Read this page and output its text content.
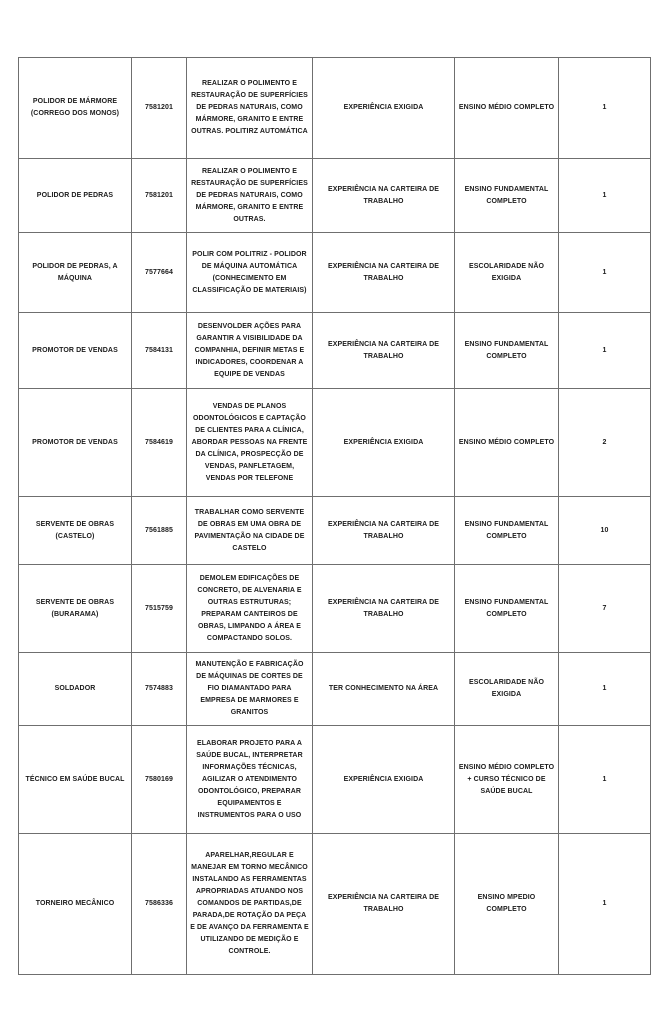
POLIDOR DE MÁRMORE (CORREGO DOS MONOS)	7581201	REALIZAR O POLIMENTO E RESTAURAÇÃO DE SUPERFÍCIES DE PEDRAS NATURAIS, COMO MÁRMORE, GRANITO E ENTRE OUTRAS. POLITIRZ AUTOMÁTICA	EXPERIÊNCIA EXIGIDA	ENSINO MÉDIO COMPLETO	1
POLIDOR DE PEDRAS	7581201	REALIZAR O POLIMENTO E RESTAURAÇÃO DE SUPERFÍCIES DE PEDRAS NATURAIS, COMO MÁRMORE, GRANITO E ENTRE OUTRAS.	EXPERIÊNCIA NA CARTEIRA DE TRABALHO	ENSINO FUNDAMENTAL COMPLETO	1
POLIDOR DE PEDRAS, A MÁQUINA	7577664	POLIR COM POLITRIZ - POLIDOR DE MÁQUINA AUTOMÁTICA (CONHECIMENTO EM CLASSIFICAÇÃO DE MATERIAIS)	EXPERIÊNCIA NA CARTEIRA DE TRABALHO	ESCOLARIDADE NÃO EXIGIDA	1
PROMOTOR DE VENDAS	7584131	DESENVOLDER AÇÕES PARA GARANTIR A VISIBILIDADE DA COMPANHIA, DEFINIR METAS E INDICADORES, COORDENAR A EQUIPE DE VENDAS	EXPERIÊNCIA NA CARTEIRA DE TRABALHO	ENSINO FUNDAMENTAL COMPLETO	1
PROMOTOR DE VENDAS	7584619	VENDAS DE PLANOS ODONTOLÓGICOS E CAPTAÇÃO DE CLIENTES PARA A CLÍNICA, ABORDAR PESSOAS NA FRENTE DA CLÍNICA, PROSPECÇÃO DE VENDAS, PANFLETAGEM, VENDAS POR TELEFONE	EXPERIÊNCIA EXIGIDA	ENSINO MÉDIO COMPLETO	2
SERVENTE DE OBRAS (CASTELO)	7561885	TRABALHAR COMO SERVENTE DE OBRAS EM UMA OBRA DE PAVIMENTAÇÃO NA CIDADE DE CASTELO	EXPERIÊNCIA NA CARTEIRA DE TRABALHO	ENSINO FUNDAMENTAL COMPLETO	10
SERVENTE DE OBRAS (BURARAMA)	7515759	DEMOLEM EDIFICAÇÕES DE CONCRETO, DE ALVENARIA E OUTRAS ESTRUTURAS; PREPARAM CANTEIROS DE OBRAS, LIMPANDO A ÁREA E COMPACTANDO SOLOS.	EXPERIÊNCIA NA CARTEIRA DE TRABALHO	ENSINO FUNDAMENTAL COMPLETO	7
SOLDADOR	7574883	MANUTENÇÃO E FABRICAÇÃO DE MÁQUINAS DE CORTES DE FIO DIAMANTADO PARA EMPRESA DE MARMORES E GRANITOS	TER CONHECIMENTO NA ÁREA	ESCOLARIDADE NÃO EXIGIDA	1
TÉCNICO EM SAÚDE BUCAL	7580169	ELABORAR PROJETO PARA A SAÚDE BUCAL, INTERPRETAR INFORMAÇÕES TÉCNICAS, AGILIZAR O ATENDIMENTO ODONTOLÓGICO, PREPARAR EQUIPAMENTOS E INSTRUMENTOS PARA O USO	EXPERIÊNCIA EXIGIDA	ENSINO MÉDIO COMPLETO + CURSO TÉCNICO DE SAÚDE BUCAL	1
TORNEIRO MECÂNICO	7586336	APARELHAR,REGULAR E MANEJAR EM TORNO MECÂNICO INSTALANDO AS FERRAMENTAS APROPRIADAS ATUANDO NOS COMANDOS DE PARTIDAS,DE PARADA,DE ROTAÇÃO DA PEÇA E DE AVANÇO DA FERRAMENTA E UTILIZANDO DE MEDIÇÃO E CONTROLE.	EXPERIÊNCIA NA CARTEIRA DE TRABALHO	ENSINO MPEDIO COMPLETO	1
